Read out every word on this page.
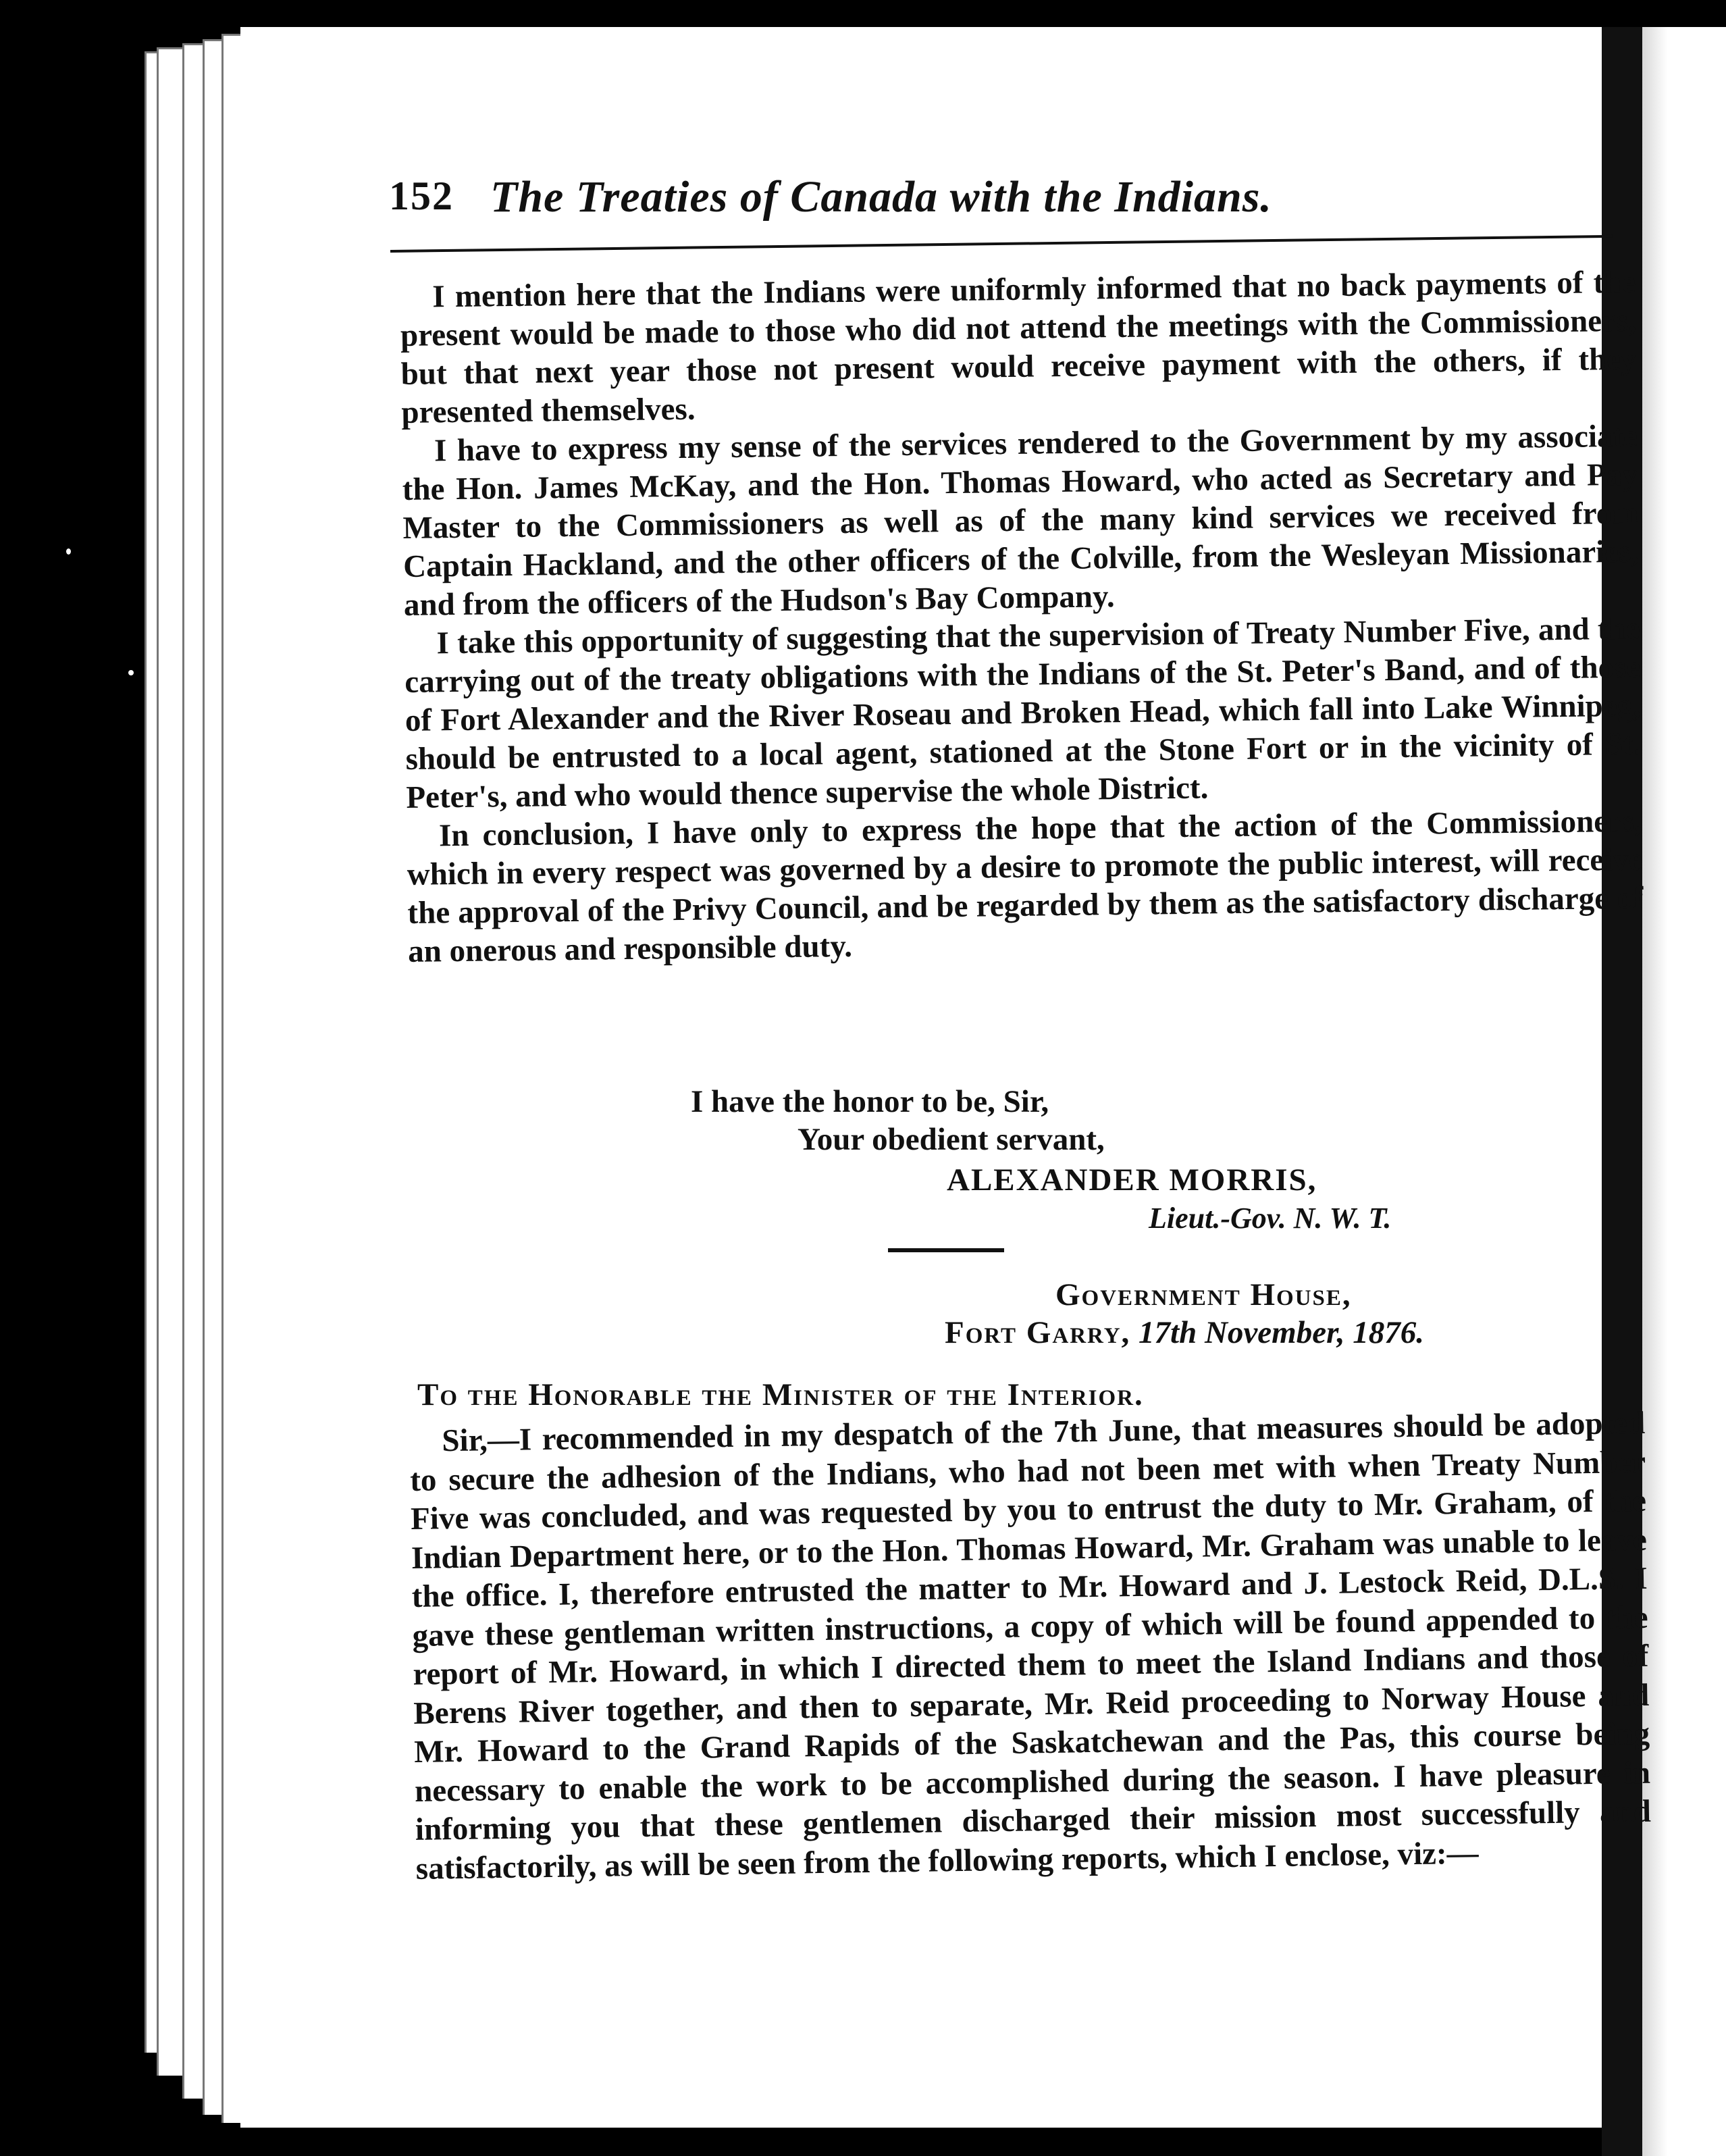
152 The Treaties of Canada with the Indians.

I mention here that the Indians were uniformly informed that no back payments of the present would be made to those who did not attend the meetings with the Commissioners, but that next year those not present would receive payment with the others, if they presented themselves.

I have to express my sense of the services rendered to the Government by my associate the Hon. James McKay, and the Hon. Thomas Howard, who acted as Secretary and Pay Master to the Commissioners as well as of the many kind services we received from Captain Hackland, and the other officers of the Colville, from the Wesleyan Missionaries, and from the officers of the Hudson's Bay Company.

I take this opportunity of suggesting that the supervision of Treaty Number Five, and the carrying out of the treaty obligations with the Indians of the St. Peter's Band, and of those of Fort Alexander and the River Roseau and Broken Head, which fall into Lake Winnipeg, should be entrusted to a local agent, stationed at the Stone Fort or in the vicinity of St. Peter's, and who would thence supervise the whole District.

In conclusion, I have only to express the hope that the action of the Commissioners, which in every respect was governed by a desire to promote the public interest, will receive the approval of the Privy Council, and be regarded by them as the satisfactory discharge of an onerous and responsible duty.

I have the honor to be, Sir,
Your obedient servant,
ALEXANDER MORRIS,
Lieut.-Gov. N. W. T.
Government House,
Fort Garry, 17th November, 1876.
To the Honorable the Minister of the Interior.

Sir,—I recommended in my despatch of the 7th June, that measures should be adopted to secure the adhesion of the Indians, who had not been met with when Treaty Number Five was concluded, and was requested by you to entrust the duty to Mr. Graham, of the Indian Department here, or to the Hon. Thomas Howard, Mr. Graham was unable to leave the office. I, therefore entrusted the matter to Mr. Howard and J. Lestock Reid, D.L.S. I gave these gentleman written instructions, a copy of which will be found appended to the report of Mr. Howard, in which I directed them to meet the Island Indians and those of Berens River together, and then to separate, Mr. Reid proceeding to Norway House and Mr. Howard to the Grand Rapids of the Saskatchewan and the Pas, this course being necessary to enable the work to be accomplished during the season. I have pleasure in informing you that these gentlemen discharged their mission most successfully and satisfactorily, as will be seen from the following reports, which I enclose, viz:—
